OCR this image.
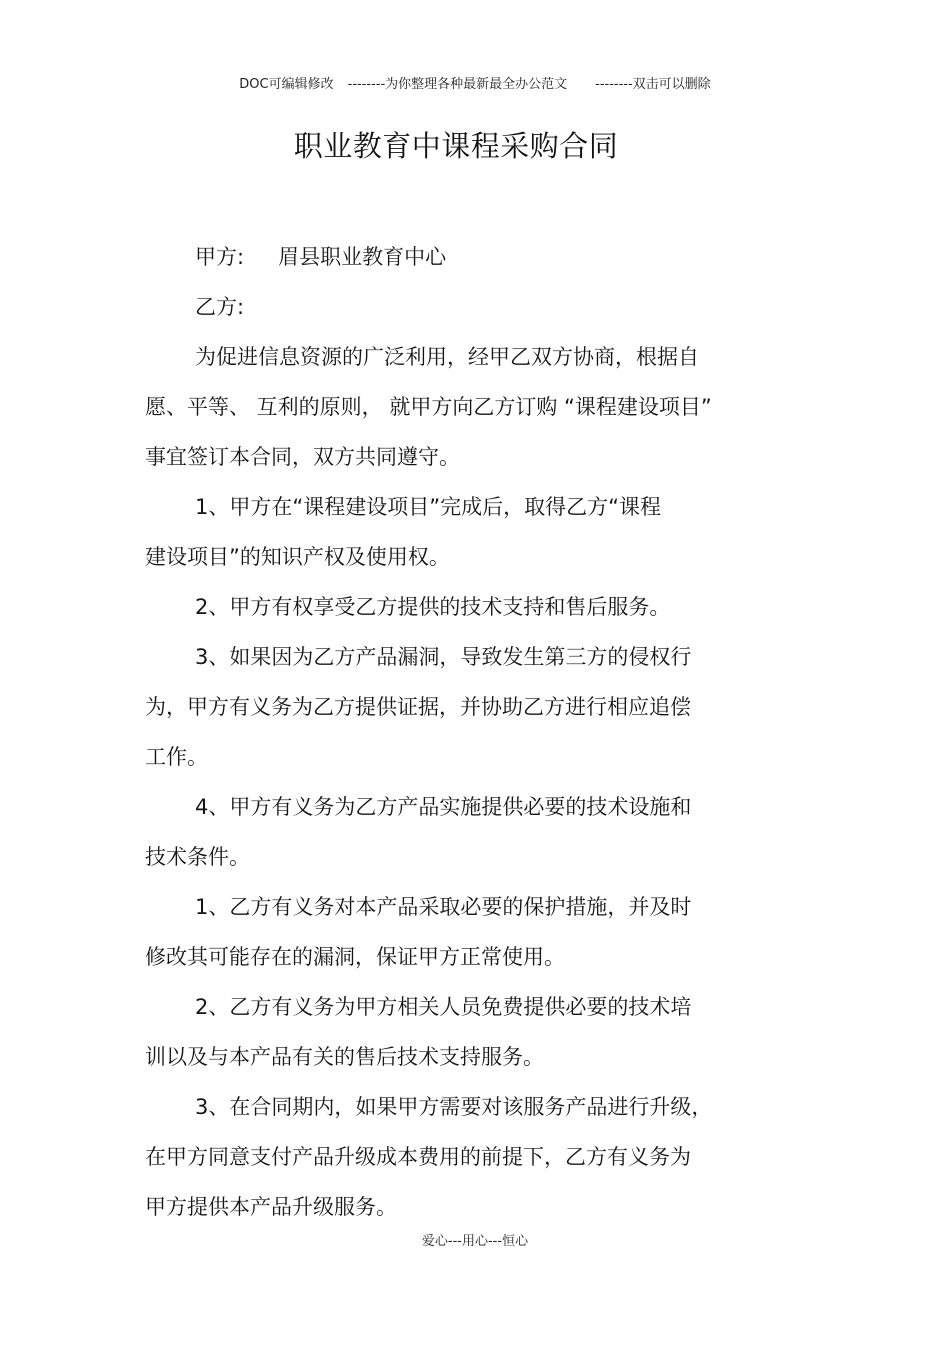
DOC可编辑修改 --------为你整理各种最新最全办公范文 --------双击可以删除
职业教育中课程采购合同
甲方: 眉县职业教育中心
乙方:
为促进信息资源的广泛利用，经甲乙双方协商，根据自
愿、平等、 互利的原则， 就甲方向乙方订购 “课程建设项目”
事宜签订本合同，双方共同遵守。
1、甲方在“课程建设项目”完成后，取得乙方“课程
建设项目”的知识产权及使用权。
2、甲方有权享受乙方提供的技术支持和售后服务。
3、如果因为乙方产品漏洞，导致发生第三方的侵权行
为，甲方有义务为乙方提供证据，并协助乙方进行相应追偿
工作。
4、甲方有义务为乙方产品实施提供必要的技术设施和
技术条件。
1、乙方有义务对本产品采取必要的保护措施，并及时
修改其可能存在的漏洞，保证甲方正常使用。
2、乙方有义务为甲方相关人员免费提供必要的技术培
训以及与本产品有关的售后技术支持服务。
3、在合同期内，如果甲方需要对该服务产品进行升级，
在甲方同意支付产品升级成本费用的前提下，乙方有义务为
甲方提供本产品升级服务。
爱心---用心---恒心
